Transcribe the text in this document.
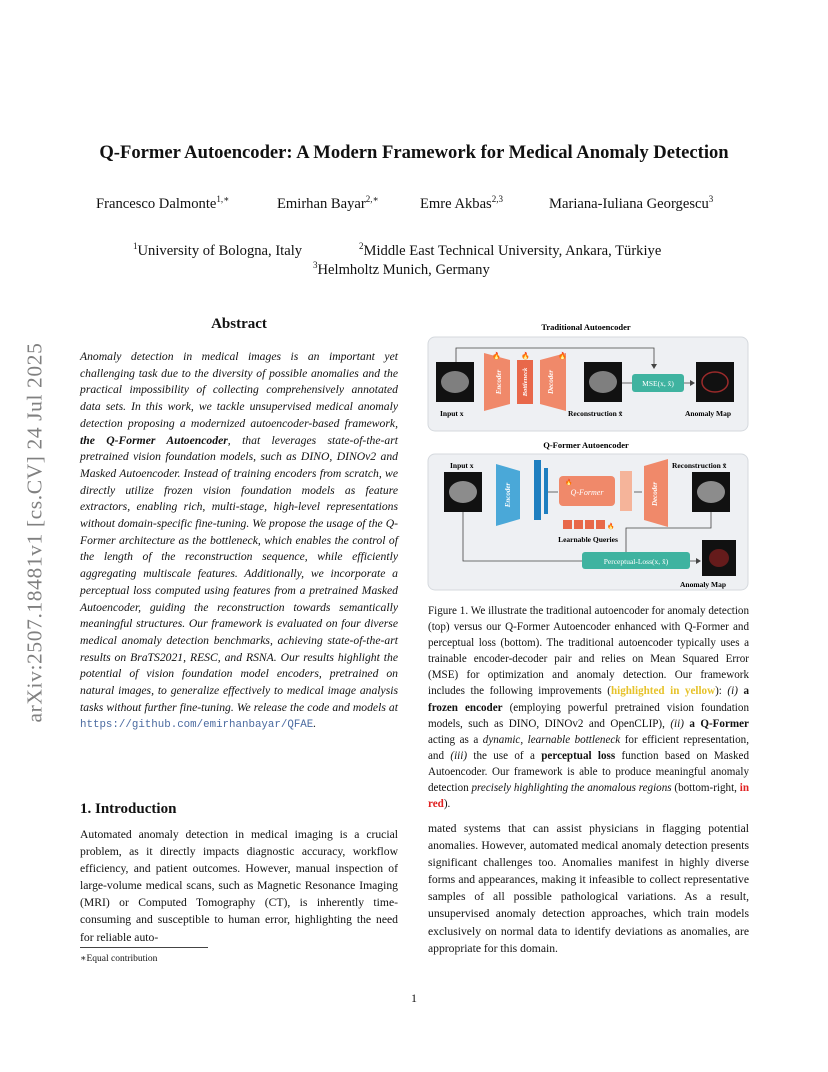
arXiv:2507.18481v1 [cs.CV] 24 Jul 2025
Q-Former Autoencoder: A Modern Framework for Medical Anomaly Detection
Francesco Dalmonte$^{1,∗}$	Emirhan Bayar$^{2,∗}$	Emre Akbas$^{2,3}$	Mariana-Iuliana Georgescu$^3$
$^1$University of Bologna, Italy	$^2$Middle East Technical University, Ankara, Türkiye
$^3$Helmholtz Munich, Germany
Abstract
Anomaly detection in medical images is an important yet challenging task due to the diversity of possible anomalies and the practical impossibility of collecting comprehensively annotated data sets. In this work, we tackle unsupervised medical anomaly detection proposing a modernized autoencoder-based framework, the Q-Former Autoencoder, that leverages state-of-the-art pretrained vision foundation models, such as DINO, DINOv2 and Masked Autoencoder. Instead of training encoders from scratch, we directly utilize frozen vision foundation models as feature extractors, enabling rich, multi-stage, high-level representations without domain-specific fine-tuning. We propose the usage of the Q-Former architecture as the bottleneck, which enables the control of the length of the reconstruction sequence, while efficiently aggregating multiscale features. Additionally, we incorporate a perceptual loss computed using features from a pretrained Masked Autoencoder, guiding the reconstruction towards semantically meaningful structures. Our framework is evaluated on four diverse medical anomaly detection benchmarks, achieving state-of-the-art results on BraTS2021, RESC, and RSNA. Our results highlight the potential of vision foundation model encoders, pretrained on natural images, to generalize effectively to medical image analysis tasks without further fine-tuning. We release the code and models at https://github.com/emirhanbayar/QFAE.
Traditional Autoencoder
Input x
Encoder	Bottleneck	Decoder
🔥	🔥	🔥
Reconstruction x̃
MSE(x, x̃)
Anomaly Map
Q-Former Autoencoder
Input x
Encoder	Q-Former
🔥	Decoder
Reconstruction x̃
🔥
Learnable Queries
Perceptual-Loss(x, x̃)
Anomaly Map
Figure 1. We illustrate the traditional autoencoder for anomaly detection (top) versus our Q-Former Autoencoder enhanced with Q-Former and perceptual loss (bottom). The traditional autoencoder typically uses a trainable encoder-decoder pair and relies on Mean Squared Error (MSE) for optimization and anomaly detection. Our framework includes the following improvements (highlighted in yellow): (i) a frozen encoder (employing powerful pretrained vision foundation models, such as DINO, DINOv2 and OpenCLIP), (ii) a Q-Former acting as a dynamic, learnable bottleneck for efficient representation, and (iii) the use of a perceptual loss function based on Masked Autoencoder. Our framework is able to produce meaningful anomaly detection precisely highlighting the anomalous regions (bottom-right, in red).
1. Introduction
Automated anomaly detection in medical imaging is a crucial problem, as it directly impacts diagnostic accuracy, workflow efficiency, and patient outcomes. However, manual inspection of large-volume medical scans, such as Magnetic Resonance Imaging (MRI) or Computed Tomography (CT), is inherently time-consuming and susceptible to human error, highlighting the need for reliable auto-
mated systems that can assist physicians in flagging potential anomalies. However, automated medical anomaly detection presents significant challenges too. Anomalies manifest in highly diverse forms and appearances, making it infeasible to collect representative samples of all possible pathological variations. As a result, unsupervised anomaly detection approaches, which train models exclusively on normal data to identify deviations as anomalies, are appropriate for this domain.
∗Equal contribution
1
